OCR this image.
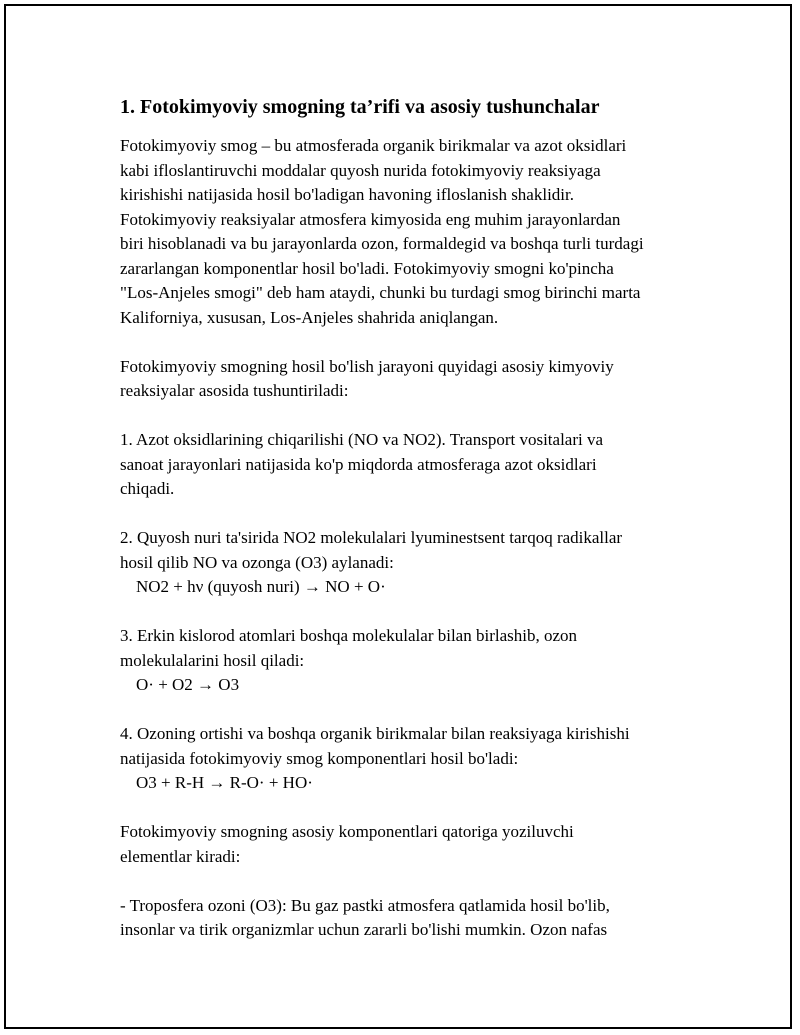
1. Fotokimyoviy smogning ta’rifi va asosiy tushunchalar

Fotokimyoviy smog – bu atmosferada organik birikmalar va azot oksidlari
kabi ifloslantiruvchi moddalar quyosh nurida fotokimyoviy reaksiyaga
kirishishi natijasida hosil bo'ladigan havoning ifloslanish shaklidir.
Fotokimyoviy reaksiyalar atmosfera kimyosida eng muhim jarayonlardan
biri hisoblanadi va bu jarayonlarda ozon, formaldegid va boshqa turli turdagi
zararlangan komponentlar hosil bo'ladi. Fotokimyoviy smogni ko'pincha
"Los-Anjeles smogi" deb ham ataydi, chunki bu turdagi smog birinchi marta
Kaliforniya, xususan, Los-Anjeles shahrida aniqlangan.

Fotokimyoviy smogning hosil bo'lish jarayoni quyidagi asosiy kimyoviy
reaksiyalar asosida tushuntiriladi:

1. Azot oksidlarining chiqarilishi (NO va NO2). Transport vositalari va
sanoat jarayonlari natijasida ko'p miqdorda atmosferaga azot oksidlari
chiqadi.

2. Quyosh nuri ta'sirida NO2 molekulalari lyuminestsent tarqoq radikallar
hosil qilib NO va ozonga (O3) aylanadi:

NO2 + hν (quyosh nuri) → NO + O·

3. Erkin kislorod atomlari boshqa molekulalar bilan birlashib, ozon
molekulalarini hosil qiladi:

O· + O2 → O3

4. Ozoning ortishi va boshqa organik birikmalar bilan reaksiyaga kirishishi
natijasida fotokimyoviy smog komponentlari hosil bo'ladi:

O3 + R-H → R-O· + HO·

Fotokimyoviy smogning asosiy komponentlari qatoriga yoziluvchi
elementlar kiradi:

- Troposfera ozoni (O3): Bu gaz pastki atmosfera qatlamida hosil bo'lib,
insonlar va tirik organizmlar uchun zararli bo'lishi mumkin. Ozon nafas
